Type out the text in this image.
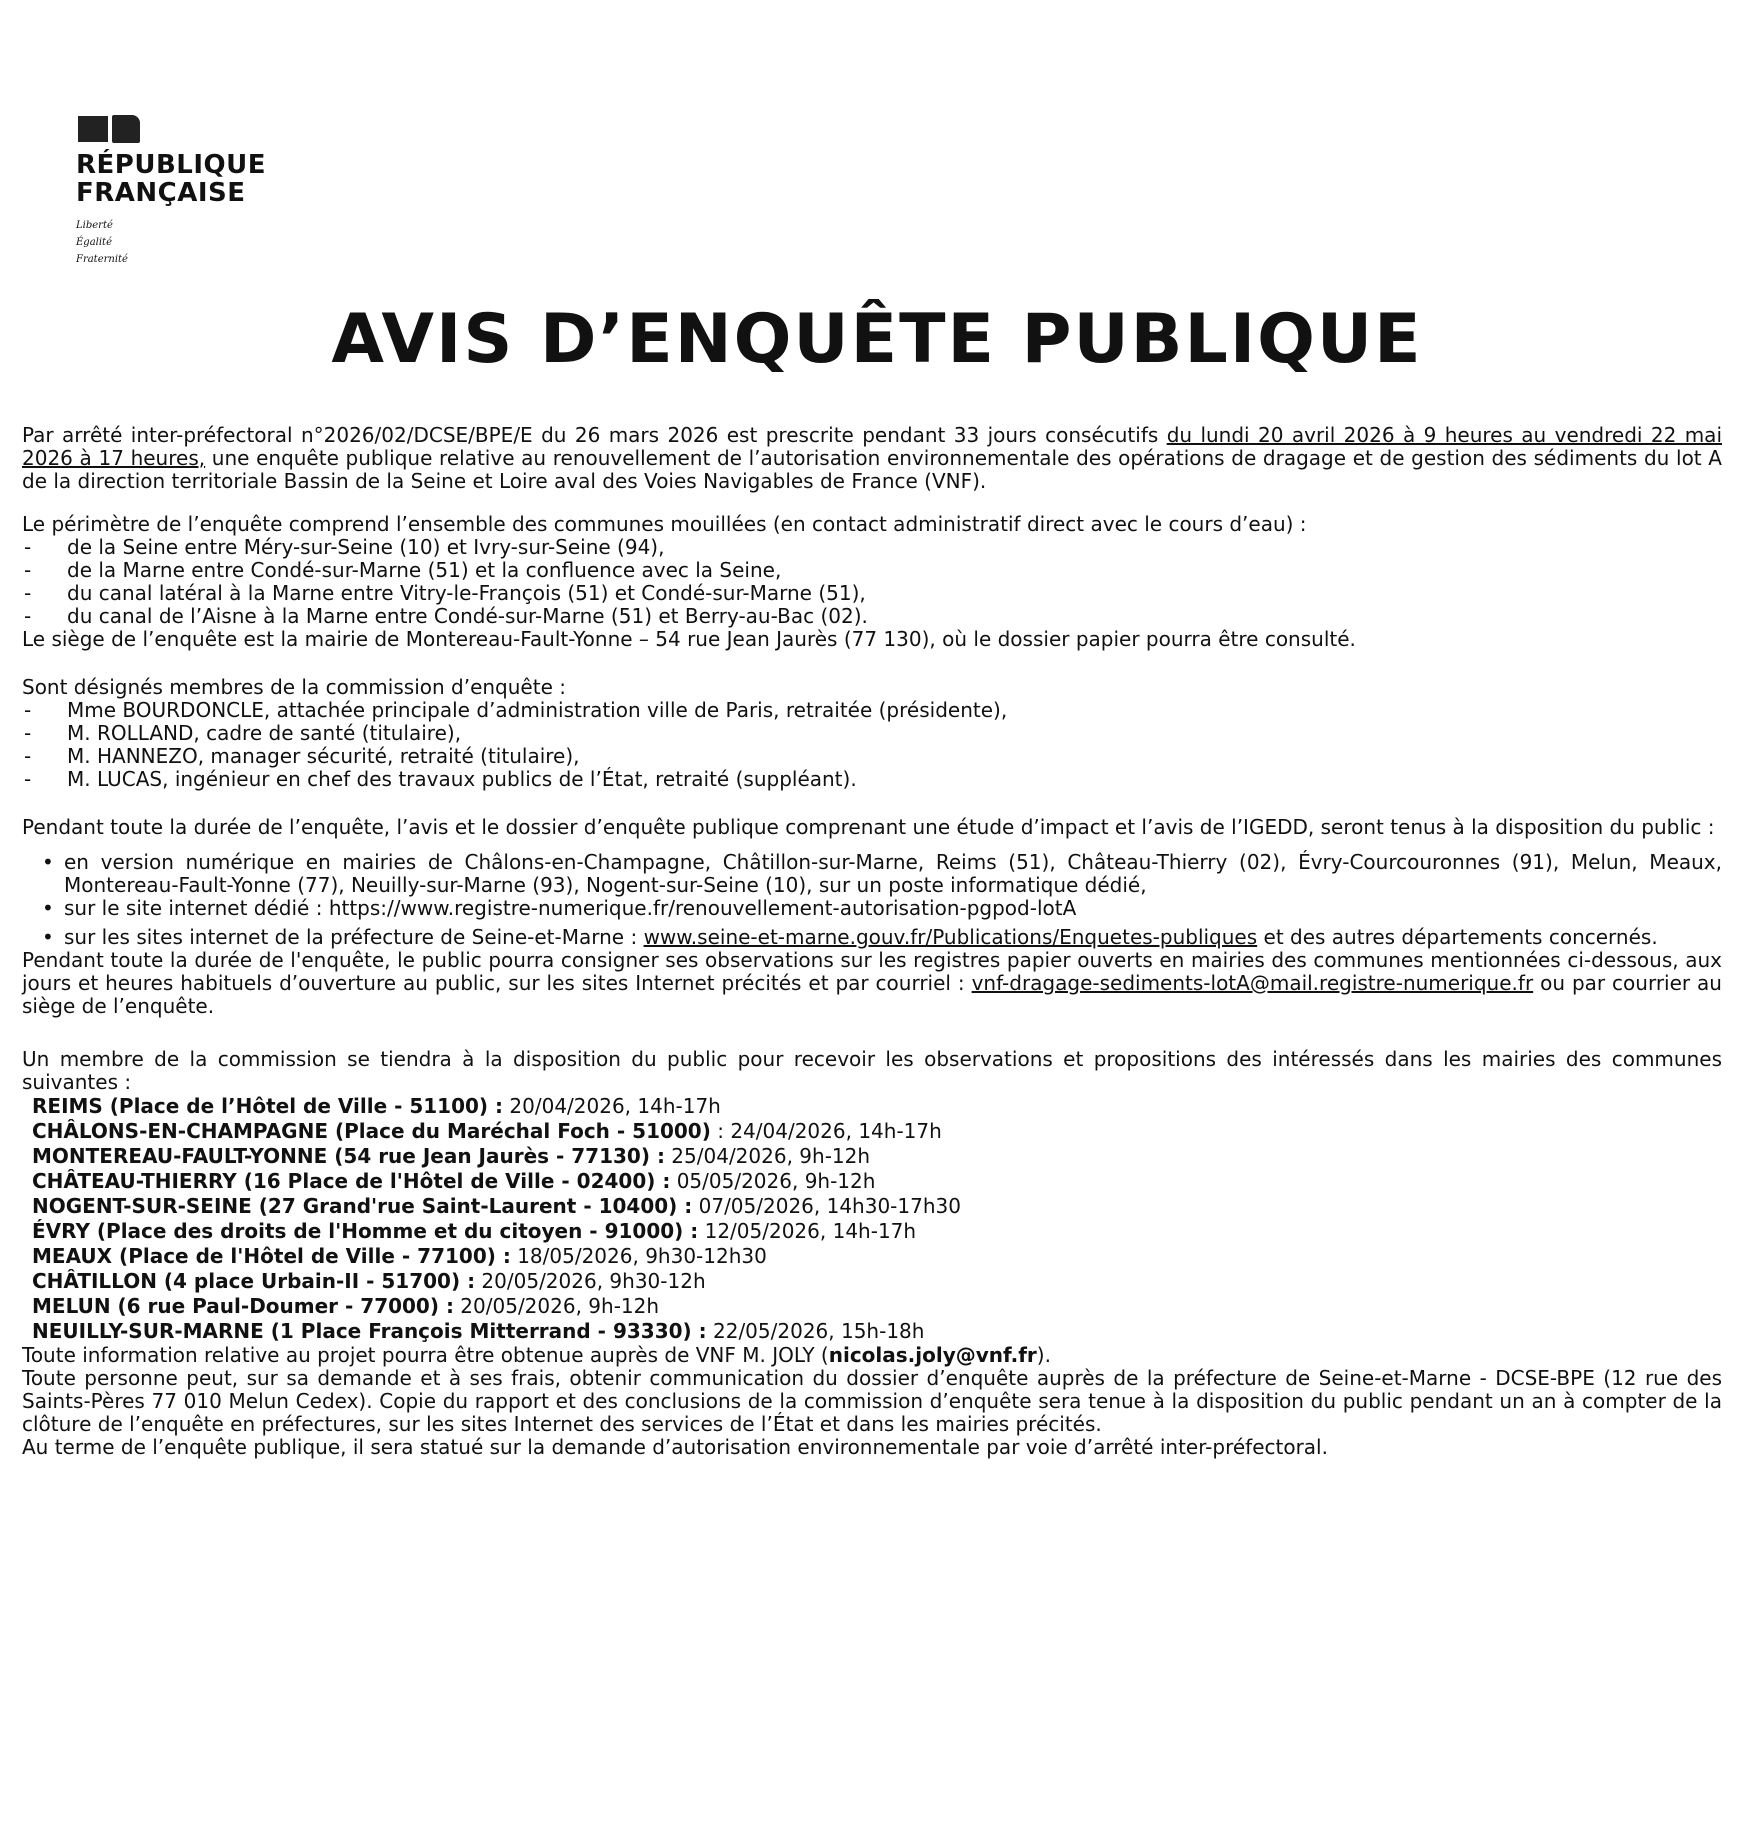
RÉPUBLIQUE
FRANÇAISE
Liberté
Égalité
Fraternité
AVIS D’ENQUÊTE PUBLIQUE

Par arrêté inter-préfectoral n°2026/02/DCSE/BPE/E du 26 mars 2026 est prescrite pendant 33 jours consécutifs du lundi 20 avril 2026 à 9 heures au vendredi 22 mai 2026 à 17 heures, une enquête publique relative au renouvellement de l’autorisation environnementale des opérations de dragage et de gestion des sédiments du lot A de la direction territoriale Bassin de la Seine et Loire aval des Voies Navigables de France (VNF).

Le périmètre de l’enquête comprend l’ensemble des communes mouillées (en contact administratif direct avec le cours d’eau) :

- de la Seine entre Méry-sur-Seine (10) et Ivry-sur-Seine (94),
- de la Marne entre Condé-sur-Marne (51) et la confluence avec la Seine,
- du canal latéral à la Marne entre Vitry-le-François (51) et Condé-sur-Marne (51),
- du canal de l’Aisne à la Marne entre Condé-sur-Marne (51) et Berry-au-Bac (02).

Le siège de l’enquête est la mairie de Montereau-Fault-Yonne – 54 rue Jean Jaurès (77 130), où le dossier papier pourra être consulté.

Sont désignés membres de la commission d’enquête :

- Mme BOURDONCLE, attachée principale d’administration ville de Paris, retraitée (présidente),
- M. ROLLAND, cadre de santé (titulaire),
- M. HANNEZO, manager sécurité, retraité (titulaire),
- M. LUCAS, ingénieur en chef des travaux publics de l’État, retraité (suppléant).

Pendant toute la durée de l’enquête, l’avis et le dossier d’enquête publique comprenant une étude d’impact et l’avis de l’IGEDD, seront tenus à la disposition du public :

• en version numérique en mairies de Châlons-en-Champagne, Châtillon-sur-Marne, Reims (51), Château-Thierry (02), Évry-Courcouronnes (91), Melun, Meaux, Montereau-Fault-Yonne (77), Neuilly-sur-Marne (93), Nogent-sur-Seine (10), sur un poste informatique dédié,
• sur le site internet dédié : https://www.registre-numerique.fr/renouvellement-autorisation-pgpod-lotA
• sur les sites internet de la préfecture de Seine-et-Marne : www.seine-et-marne.gouv.fr/Publications/Enquetes-publiques et des autres départements concernés.

Pendant toute la durée de l'enquête, le public pourra consigner ses observations sur les registres papier ouverts en mairies des communes mentionnées ci-dessous, aux jours et heures habituels d’ouverture au public, sur les sites Internet précités et par courriel : vnf-dragage-sediments-lotA@mail.registre-numerique.fr ou par courrier au siège de l’enquête.

Un membre de la commission se tiendra à la disposition du public pour recevoir les observations et propositions des intéressés dans les mairies des communes suivantes :

REIMS (Place de l’Hôtel de Ville - 51100) : 20/04/2026, 14h-17h
CHÂLONS-EN-CHAMPAGNE (Place du Maréchal Foch - 51000) : 24/04/2026, 14h-17h
MONTEREAU-FAULT-YONNE (54 rue Jean Jaurès - 77130) : 25/04/2026, 9h-12h
CHÂTEAU-THIERRY (16 Place de l'Hôtel de Ville - 02400) : 05/05/2026, 9h-12h
NOGENT-SUR-SEINE (27 Grand'rue Saint-Laurent - 10400) : 07/05/2026, 14h30-17h30
ÉVRY (Place des droits de l'Homme et du citoyen - 91000) : 12/05/2026, 14h-17h
MEAUX (Place de l'Hôtel de Ville - 77100) : 18/05/2026, 9h30-12h30
CHÂTILLON (4 place Urbain-II - 51700) : 20/05/2026, 9h30-12h
MELUN (6 rue Paul-Doumer - 77000) : 20/05/2026, 9h-12h
NEUILLY-SUR-MARNE (1 Place François Mitterrand - 93330) : 22/05/2026, 15h-18h

Toute information relative au projet pourra être obtenue auprès de VNF M. JOLY (nicolas.joly@vnf.fr).

Toute personne peut, sur sa demande et à ses frais, obtenir communication du dossier d’enquête auprès de la préfecture de Seine-et-Marne - DCSE-BPE (12 rue des Saints-Pères 77 010 Melun Cedex). Copie du rapport et des conclusions de la commission d’enquête sera tenue à la disposition du public pendant un an à compter de la clôture de l’enquête en préfectures, sur les sites Internet des services de l’État et dans les mairies précités.

Au terme de l’enquête publique, il sera statué sur la demande d’autorisation environnementale par voie d’arrêté inter-préfectoral.
